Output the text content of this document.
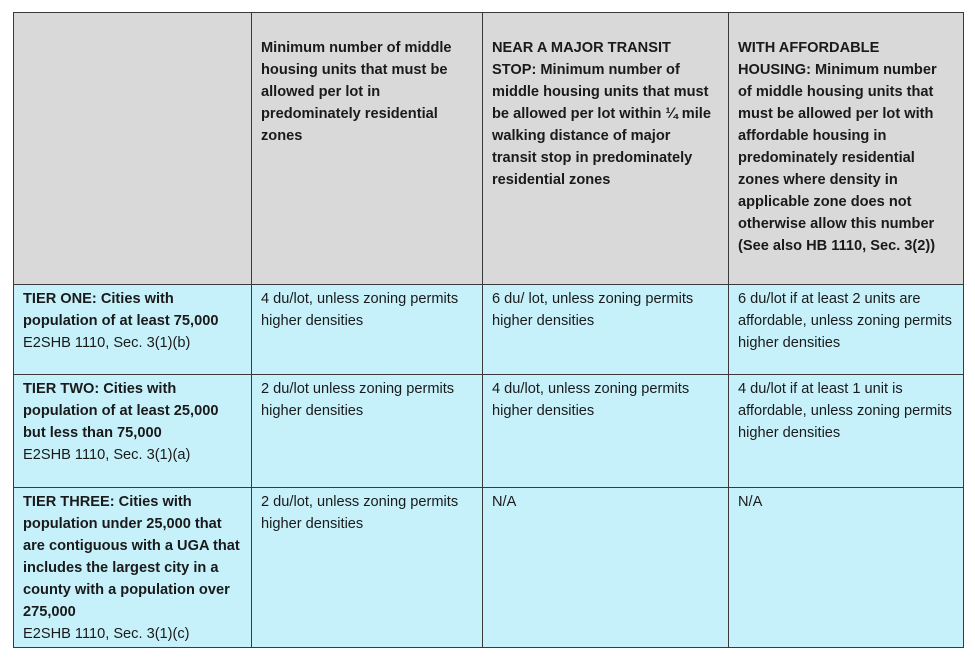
	Minimum number of middle housing units that must be allowed per lot in predominately residential zones	NEAR A MAJOR TRANSIT STOP: Minimum number of middle housing units that must be allowed per lot within ¼ mile walking distance of major transit stop in predominately residential zones	WITH AFFORDABLE HOUSING: Minimum number of middle housing units that must be allowed per lot with affordable housing in predominately residential zones where density in applicable zone does not otherwise allow this number (See also HB 1110, Sec. 3(2))

TIER ONE: Cities with population of at least 75,000
E2SHB 1110, Sec. 3(1)(b)	4 du/lot, unless zoning permits higher densities	6 du/ lot, unless zoning permits higher densities	6 du/lot if at least 2 units are affordable, unless zoning permits higher densities

TIER TWO: Cities with population of at least 25,000 but less than 75,000
E2SHB 1110, Sec. 3(1)(a)	2 du/lot unless zoning permits higher densities	4 du/lot, unless zoning permits higher densities	4 du/lot if at least 1 unit is affordable, unless zoning permits higher densities

TIER THREE: Cities with population under 25,000 that are contiguous with a UGA that includes the largest city in a county with a population over 275,000
E2SHB 1110, Sec. 3(1)(c)	2 du/lot, unless zoning permits higher densities	N/A	N/A
